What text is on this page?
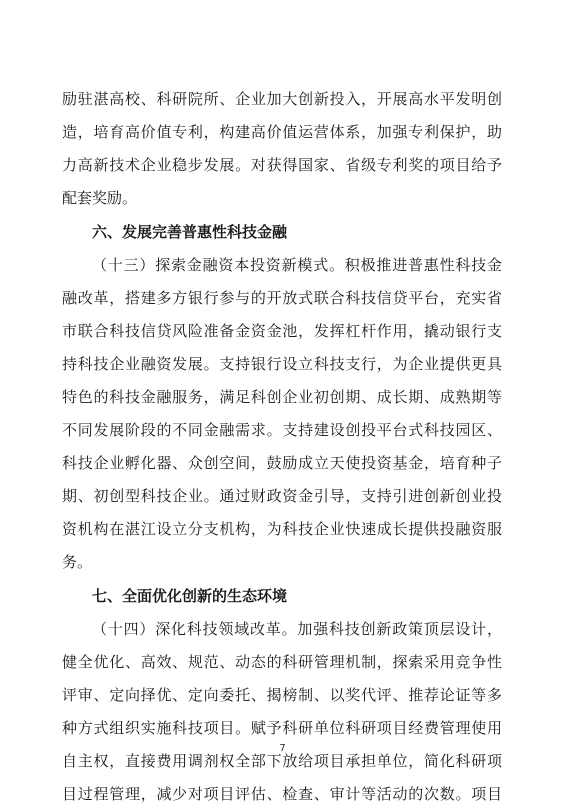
励驻湛高校、科研院所、企业加大创新投入，开展高水平发明创
造，培育高价值专利，构建高价值运营体系，加强专利保护，助
力高新技术企业稳步发展。对获得国家、省级专利奖的项目给予
配套奖励。
六、发展完善普惠性科技金融
（十三）探索金融资本投资新模式。积极推进普惠性科技金
融改革，搭建多方银行参与的开放式联合科技信贷平台，充实省
市联合科技信贷风险准备金资金池，发挥杠杆作用，撬动银行支
持科技企业融资发展。支持银行设立科技支行，为企业提供更具
特色的科技金融服务，满足科创企业初创期、成长期、成熟期等
不同发展阶段的不同金融需求。支持建设创投平台式科技园区、
科技企业孵化器、众创空间，鼓励成立天使投资基金，培育种子
期、初创型科技企业。通过财政资金引导，支持引进创新创业投
资机构在湛江设立分支机构，为科技企业快速成长提供投融资服
务。
七、全面优化创新的生态环境
（十四）深化科技领域改革。加强科技创新政策顶层设计，
健全优化、高效、规范、动态的科研管理机制，探索采用竞争性
评审、定向择优、定向委托、揭榜制、以奖代评、推荐论证等多
种方式组织实施科技项目。赋予科研单位科研项目经费管理使用
自主权，直接费用调剂权全部下放给项目承担单位，简化科研项
目过程管理，减少对项目评估、检查、审计等活动的次数。项目
7
